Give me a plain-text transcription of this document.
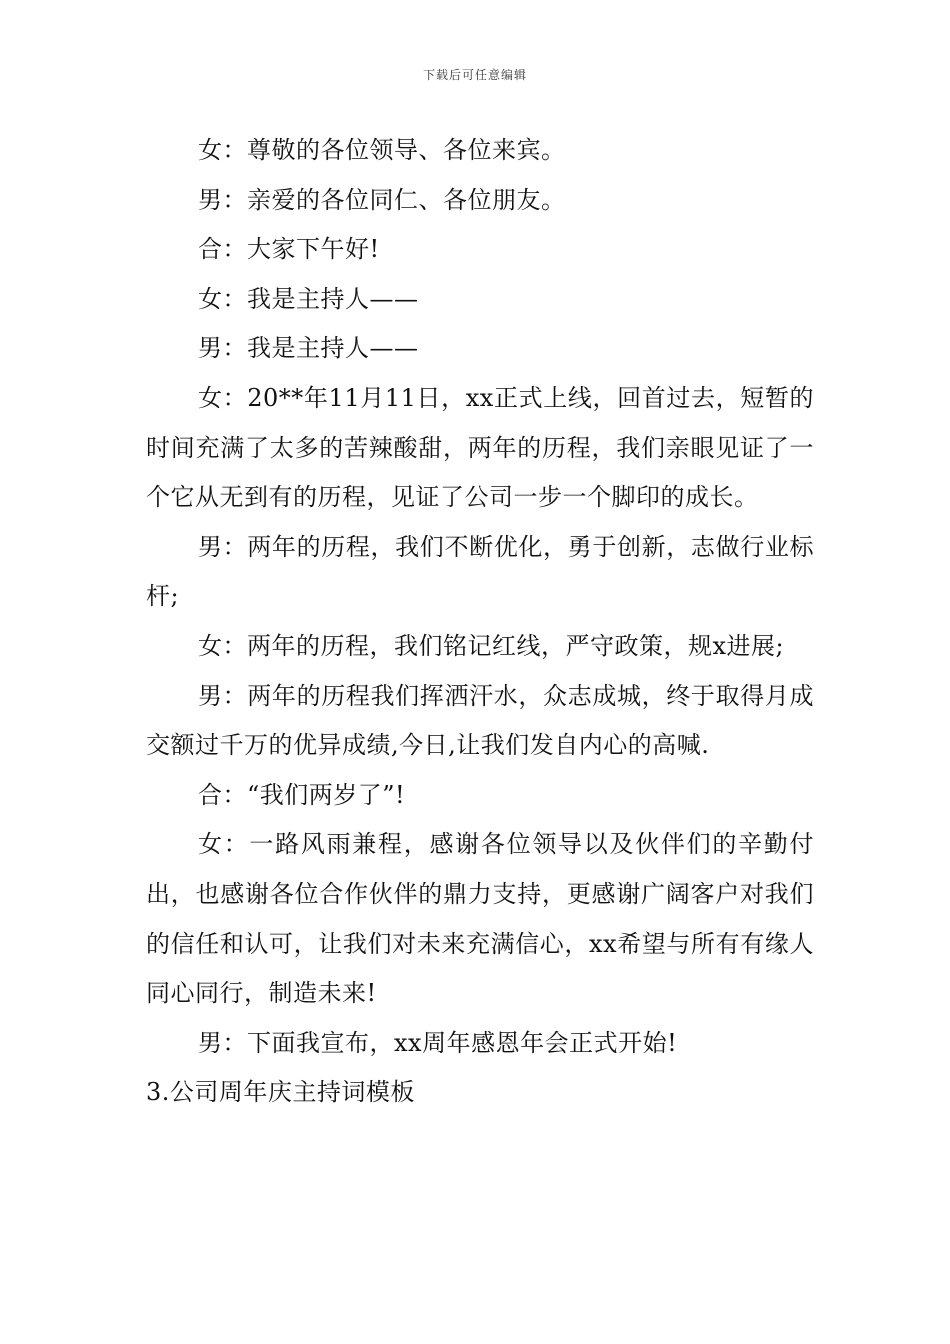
下载后可任意编辑

女：尊敬的各位领导、各位来宾。

男：亲爱的各位同仁、各位朋友。

合：大家下午好!

女：我是主持人——

男：我是主持人——

女：20**年11月11日，xx正式上线，回首过去，短暂的时间充满了太多的苦辣酸甜，两年的历程，我们亲眼见证了一个它从无到有的历程，见证了公司一步一个脚印的成长。

男：两年的历程，我们不断优化，勇于创新，志做行业标杆;

女：两年的历程，我们铭记红线，严守政策，规x进展;

男：两年的历程我们挥洒汗水，众志成城，终于取得月成交额过千万的优异成绩,今日,让我们发自内心的高喊.

合：“我们两岁了”!

女：一路风雨兼程，感谢各位领导以及伙伴们的辛勤付出，也感谢各位合作伙伴的鼎力支持，更感谢广阔客户对我们的信任和认可，让我们对未来充满信心，xx希望与所有有缘人同心同行，制造未来!

男：下面我宣布，xx周年感恩年会正式开始!

3.公司周年庆主持词模板
